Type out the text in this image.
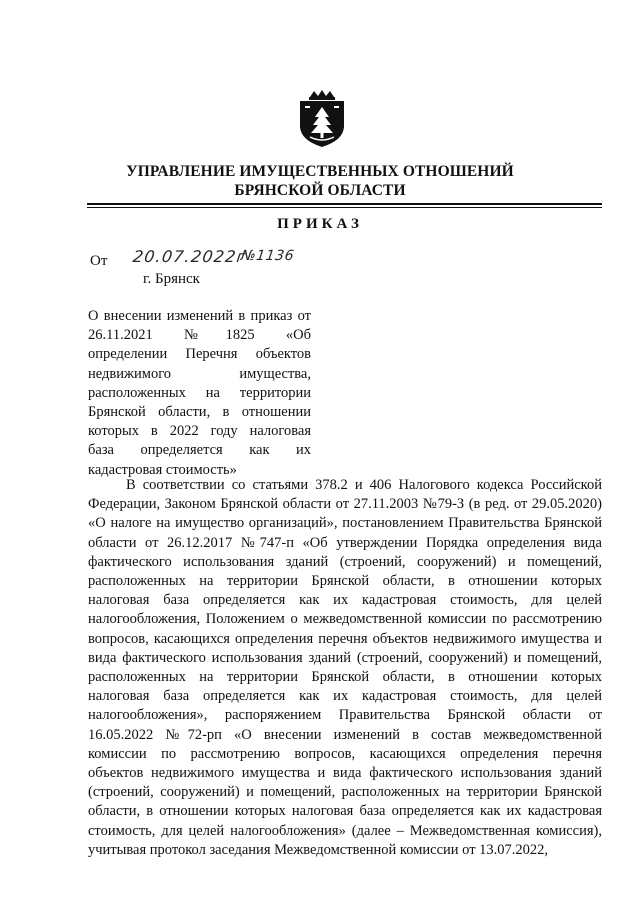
УПРАВЛЕНИЕ ИМУЩЕСТВЕННЫХ ОТНОШЕНИЙ
БРЯНСКОЙ ОБЛАСТИ
ПРИКАЗ
От 20.07.2022г
№1136
г. Брянск
О внесении изменений в приказ от
26.11.2021 №1825 «Об
определении Перечня объектов
недвижимого имущества,
расположенных на территории
Брянской области, в отношении
которых в 2022 году налоговая
база определяется как их
кадастровая стоимость»
В соответствии со статьями 378.2 и 406 Налогового кодекса Российской
Федерации, Законом Брянской области от 27.11.2003 №79-З (в ред. от 29.05.2020)
«О налоге на имущество организаций», постановлением Правительства Брянской
области от 26.12.2017 №747-п «Об утверждении Порядка определения вида
фактического использования зданий (строений, сооружений) и помещений,
расположенных на территории Брянской области, в отношении которых
налоговая база определяется как их кадастровая стоимость, для целей
налогообложения, Положением о межведомственной комиссии по рассмотрению
вопросов, касающихся определения перечня объектов недвижимого имущества и
вида фактического использования зданий (строений, сооружений) и помещений,
расположенных на территории Брянской области, в отношении которых
налоговая база определяется как их кадастровая стоимость, для целей
налогообложения», распоряжением Правительства Брянской области от
16.05.2022 №72-рп «О внесении изменений в состав межведомственной
комиссии по рассмотрению вопросов, касающихся определения перечня
объектов недвижимого имущества и вида фактического использования зданий
(строений, сооружений) и помещений, расположенных на территории Брянской
области, в отношении которых налоговая база определяется как их кадастровая
стоимость, для целей налогообложения» (далее – Межведомственная комиссия),
учитывая протокол заседания Межведомственной комиссии от 13.07.2022,
